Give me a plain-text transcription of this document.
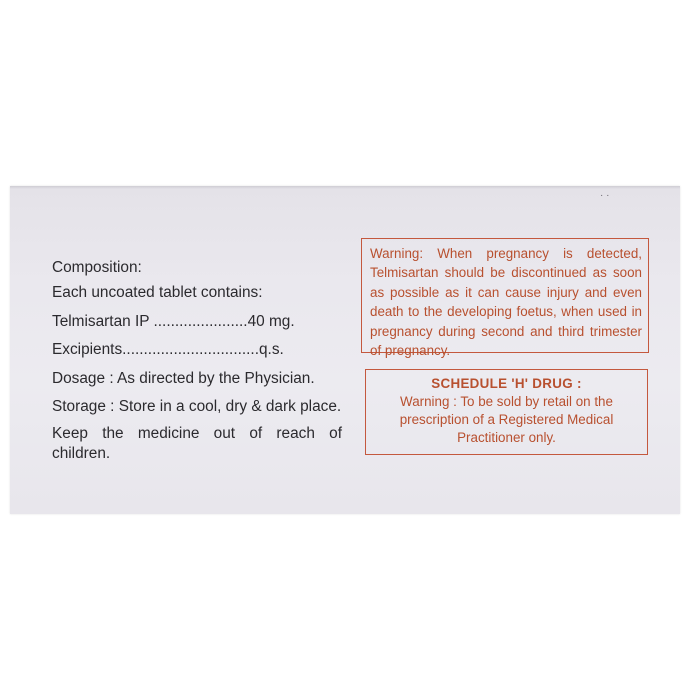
· ·
Composition:
Each uncoated tablet contains:
Telmisartan IP ......................40 mg.
Excipients................................q.s.
Dosage : As directed by the Physician.
Storage : Store in a cool, dry & dark place.
Keep the medicine out of reach of children.
Warning: When pregnancy is detected, Telmisartan should be discontinued as soon as possible as it can cause injury and even death to the developing foetus, when used in pregnancy during second and third trimester of pregnancy.
SCHEDULE 'H' DRUG :
Warning : To be sold by retail on the prescription of a Registered Medical Practitioner only.
